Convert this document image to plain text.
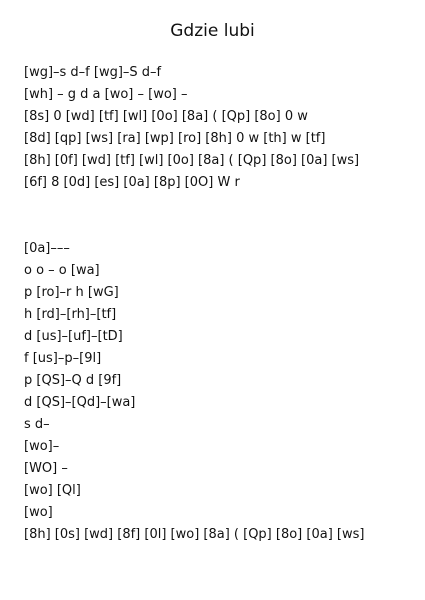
Gdzie lubi
[wg]–s d–f [wg]–S d–f
[wh] – g d a [wo] – [wo] –
[8s] 0 [wd] [tf] [wl] [0o] [8a] ( [Qp] [8o] 0 w
[8d] [qp] [ws] [ra] [wp] [ro] [8h] 0 w [th] w [tf]
[8h] [0f] [wd] [tf] [wl] [0o] [8a] ( [Qp] [8o] [0a] [ws]
[6f] 8 [0d] [es] [0a] [8p] [0O] W r
[0a]–––
o o – o [wa]
p [ro]–r h [wG]
h [rd]–[rh]–[tf]
d [us]–[uf]–[tD]
f [us]–p–[9l]
p [QS]–Q d [9f]
d [QS]–[Qd]–[wa]
s d–
[wo]–
[WO] –
[wo] [Ql]
[wo]
[8h] [0s] [wd] [8f] [0l] [wo] [8a] ( [Qp] [8o] [0a] [ws]
